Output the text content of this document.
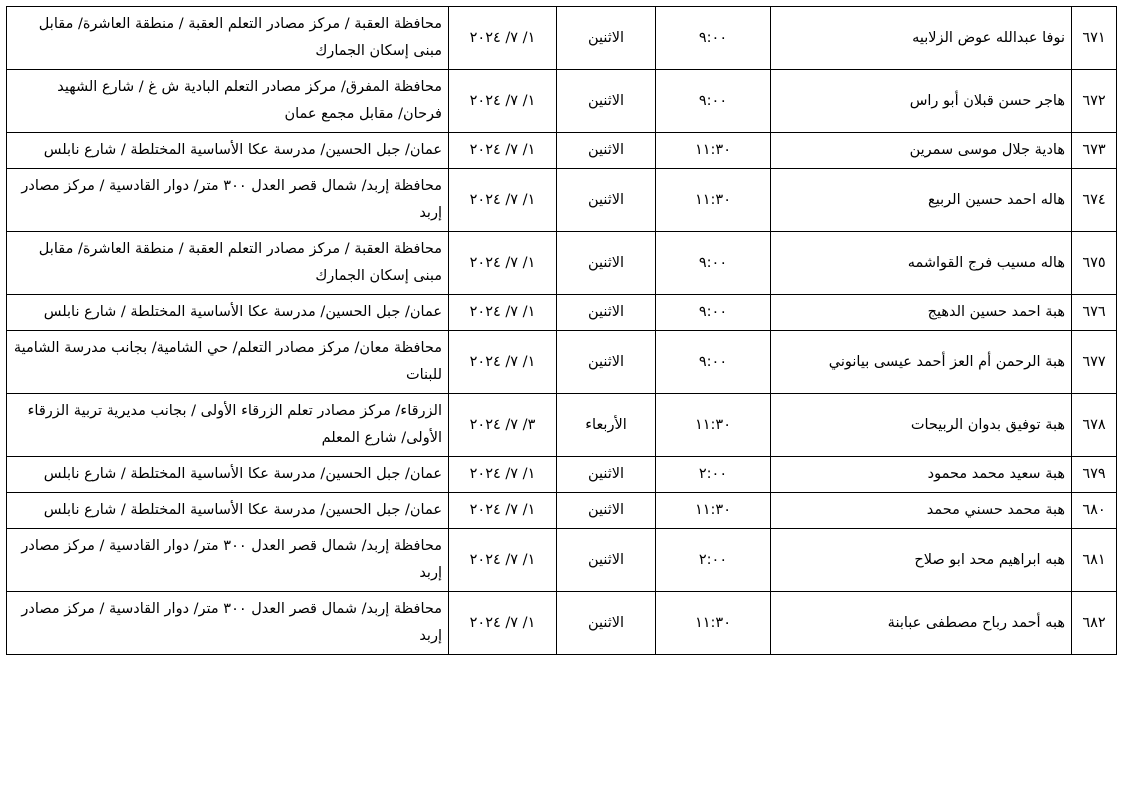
٦٧١	نوفا عبدالله عوض الزلابيه	٩:٠٠	الاثنين	١/ ٧/ ٢٠٢٤	محافظة العقبة / مركز مصادر التعلم العقبة / منطقة العاشرة/ مقابل مبنى إسكان الجمارك
٦٧٢	هاجر حسن قبلان أبو راس	٩:٠٠	الاثنين	١/ ٧/ ٢٠٢٤	محافظة المفرق/ مركز مصادر التعلم البادية ش غ / شارع الشهيد فرحان/ مقابل مجمع عمان
٦٧٣	هادية جلال موسى سمرين	١١:٣٠	الاثنين	١/ ٧/ ٢٠٢٤	عمان/ جبل الحسين/ مدرسة عكا الأساسية المختلطة / شارع نابلس
٦٧٤	هاله احمد حسين الربيع	١١:٣٠	الاثنين	١/ ٧/ ٢٠٢٤	محافظة إربد/ شمال قصر العدل ٣٠٠ متر/ دوار القادسية / مركز مصادر إربد
٦٧٥	هاله مسيب فرج القواشمه	٩:٠٠	الاثنين	١/ ٧/ ٢٠٢٤	محافظة العقبة / مركز مصادر التعلم العقبة / منطقة العاشرة/ مقابل مبنى إسكان الجمارك
٦٧٦	هبة احمد حسين الدهيج	٩:٠٠	الاثنين	١/ ٧/ ٢٠٢٤	عمان/ جبل الحسين/ مدرسة عكا الأساسية المختلطة / شارع نابلس
٦٧٧	هبة الرحمن أم العز أحمد عيسى بيانوني	٩:٠٠	الاثنين	١/ ٧/ ٢٠٢٤	محافظة معان/ مركز مصادر التعلم/ حي الشامية/ بجانب مدرسة الشامية للبنات
٦٧٨	هبة توفيق بدوان الربيحات	١١:٣٠	الأربعاء	٣/ ٧/ ٢٠٢٤	الزرقاء/ مركز مصادر تعلم الزرقاء الأولى / بجانب مديرية تربية الزرقاء الأولى/ شارع المعلم
٦٧٩	هبة سعيد محمد محمود	٢:٠٠	الاثنين	١/ ٧/ ٢٠٢٤	عمان/ جبل الحسين/ مدرسة عكا الأساسية المختلطة / شارع نابلس
٦٨٠	هبة محمد حسني محمد	١١:٣٠	الاثنين	١/ ٧/ ٢٠٢٤	عمان/ جبل الحسين/ مدرسة عكا الأساسية المختلطة / شارع نابلس
٦٨١	هبه ابراهيم محد ابو صلاح	٢:٠٠	الاثنين	١/ ٧/ ٢٠٢٤	محافظة إربد/ شمال قصر العدل ٣٠٠ متر/ دوار القادسية / مركز مصادر إربد
٦٨٢	هبه أحمد رباح مصطفى عبابنة	١١:٣٠	الاثنين	١/ ٧/ ٢٠٢٤	محافظة إربد/ شمال قصر العدل ٣٠٠ متر/ دوار القادسية / مركز مصادر إربد
